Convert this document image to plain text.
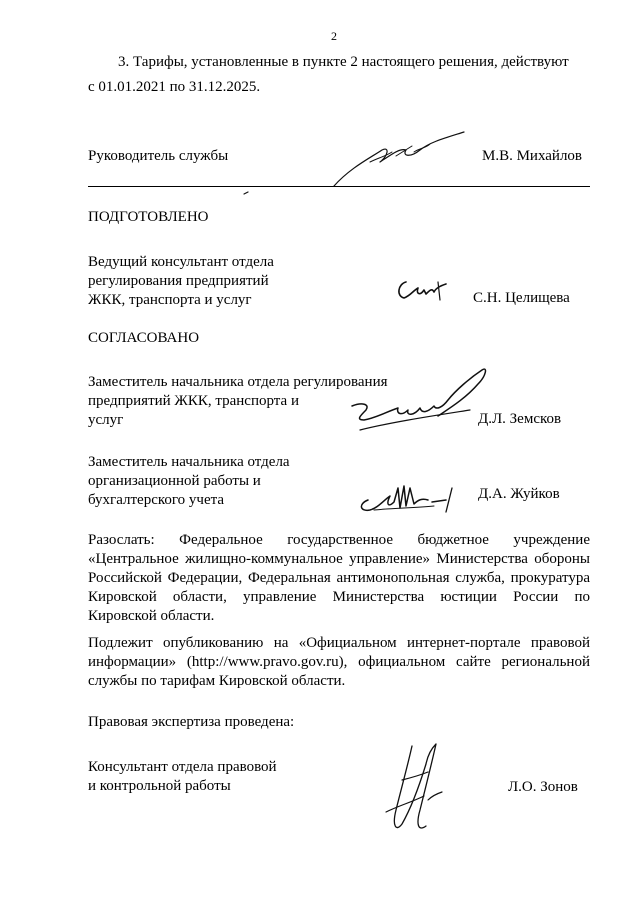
2
3. Тарифы, установленные в пункте 2 настоящего решения, действуют
с 01.01.2021 по 31.12.2025.
Руководитель службы	М.В. Михайлов
ПОДГОТОВЛЕНО
Ведущий консультант отдела
регулирования предприятий
ЖКК, транспорта и услуг	С.Н. Целищева
СОГЛАСОВАНО
Заместитель начальника отдела регулирования
предприятий ЖКК, транспорта и
услуг	Д.Л. Земсков
Заместитель начальника отдела
организационной работы и
бухгалтерского учета	Д.А. Жуйков
Разослать: Федеральное государственное бюджетное учреждение
«Центральное жилищно-коммунальное управление» Министерства обороны
Российской Федерации, Федеральная антимонопольная служба, прокуратура
Кировской области, управление Министерства юстиции России по
Кировской области.
Подлежит опубликованию на «Официальном интернет-портале правовой
информации» (http://www.pravo.gov.ru), официальном сайте региональной
службы по тарифам Кировской области.
Правовая экспертиза проведена:
Консультант отдела правовой
и контрольной работы	Л.О. Зонов
